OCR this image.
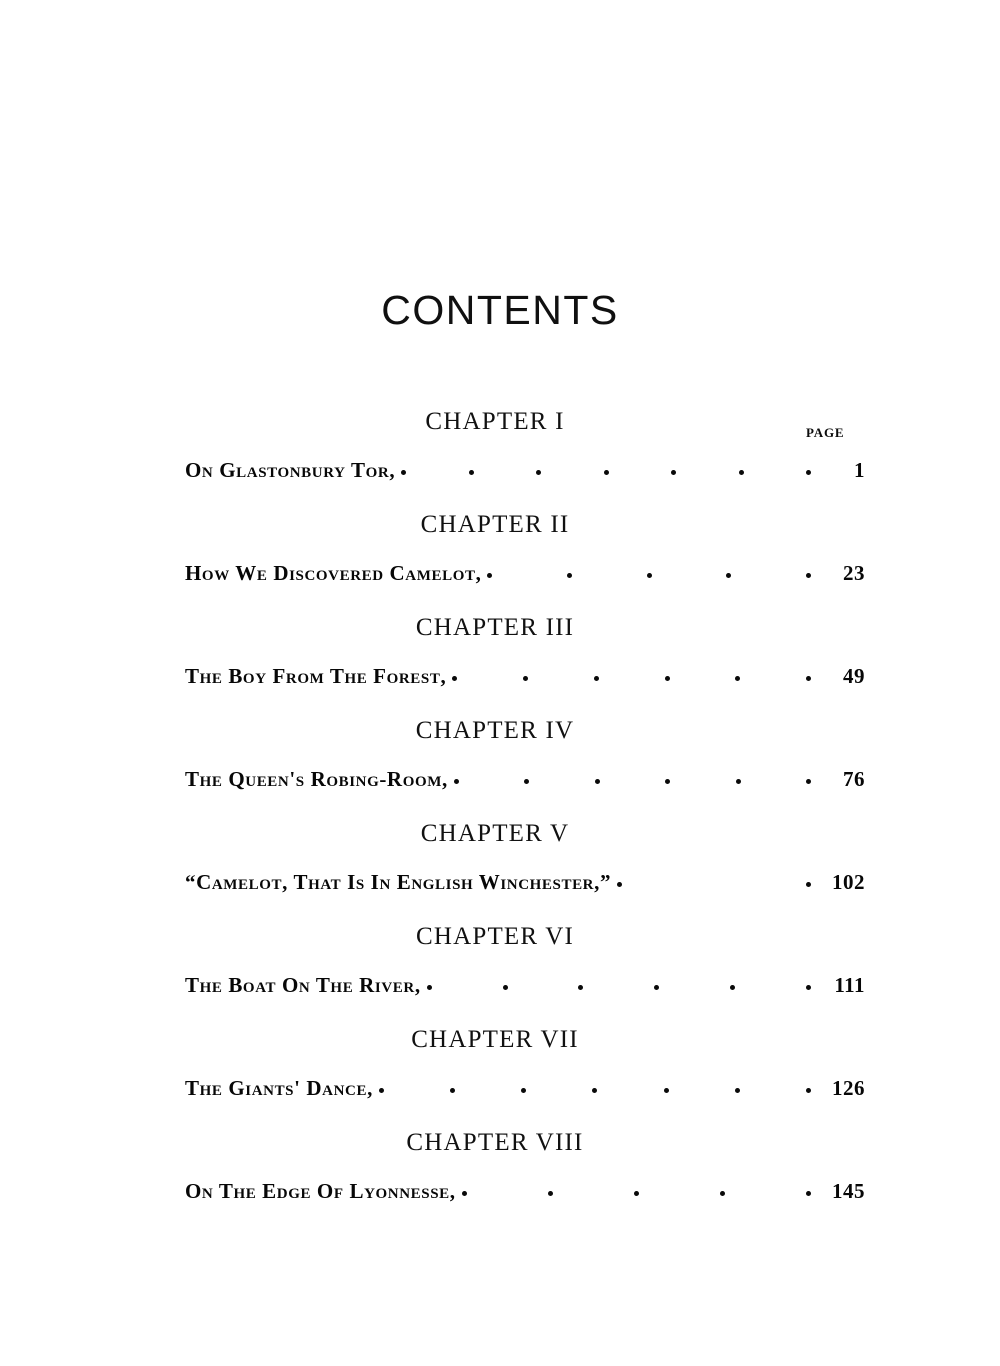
CONTENTS
PAGE
CHAPTER I
On Glastonbury Tor,	1
CHAPTER II
How We Discovered Camelot,	23
CHAPTER III
The Boy From The Forest,	49
CHAPTER IV
The Queen's Robing-Room,	76
CHAPTER V
“Camelot, That Is In English Winchester,”	102
CHAPTER VI
The Boat On The River,	111
CHAPTER VII
The Giants' Dance,	126
CHAPTER VIII
On The Edge Of Lyonnesse,	145
